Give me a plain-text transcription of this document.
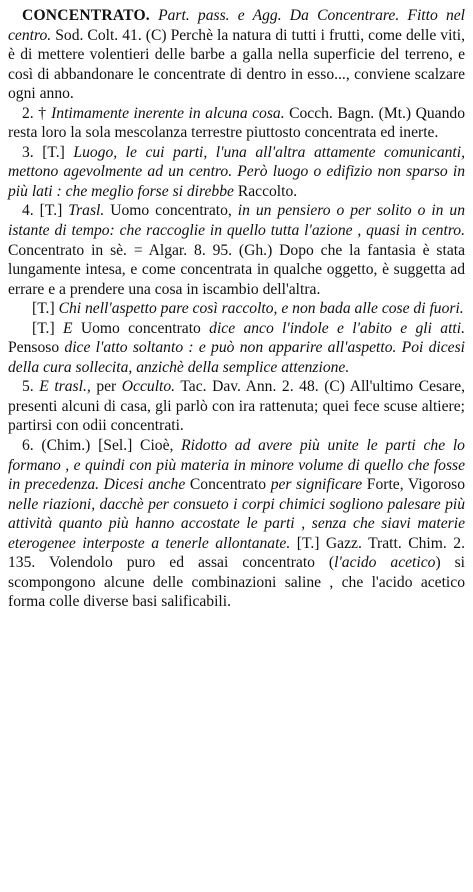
CONCENTRATO. Part. pass. e Agg. Da Concentrare. Fitto nel centro. Sod. Colt. 41. (C) Perchè la natura di tutti i frutti, come delle viti, è di mettere volentieri delle barbe a galla nella superficie del terreno, e così di abbandonare le concentrate di dentro in esso..., conviene scalzare ogni anno.

2. † Intimamente inerente in alcuna cosa. Cocch. Bagn. (Mt.) Quando resta loro la sola mescolanza terrestre piuttosto concentrata ed inerte.

3. [T.] Luogo, le cui parti, l'una all'altra attamente comunicanti, mettono agevolmente ad un centro. Però luogo o edifizio non sparso in più lati : che meglio forse si direbbe Raccolto.

4. [T.] Trasl. Uomo concentrato, in un pensiero o per solito o in un istante di tempo: che raccoglie in quello tutta l'azione , quasi in centro. Concentrato in sè. = Algar. 8. 95. (Gh.) Dopo che la fantasia è stata lungamente intesa, e come concentrata in qualche oggetto, è suggetta ad errare e a prendere una cosa in iscambio dell'altra.

[T.] Chi nell'aspetto pare così raccolto, e non bada alle cose di fuori.

[T.] E Uomo concentrato dice anco l'indole e l'abito e gli atti. Pensoso dice l'atto soltanto : e può non apparire all'aspetto. Poi dicesi della cura sollecita, anzichè della semplice attenzione.

5. E trasl., per Occulto. Tac. Dav. Ann. 2. 48. (C) All'ultimo Cesare, presenti alcuni di casa, gli parlò con ira rattenuta; quei fece scuse altiere; partirsi con odii concentrati.

6. (Chim.) [Sel.] Cioè, Ridotto ad avere più unite le parti che lo formano , e quindi con più materia in minore volume di quello che fosse in precedenza. Dicesi anche Concentrato per significare Forte, Vigoroso nelle riazioni, dacchè per consueto i corpi chimici sogliono palesare più attività quanto più hanno accostate le parti , senza che siavi materie eterogenee interposte a tenerle allontanate. [T.] Gazz. Tratt. Chim. 2. 135. Volendolo puro ed assai concentrato (l'acido acetico) si scompongono alcune delle combinazioni saline , che l'acido acetico forma colle diverse basi salificabili.
